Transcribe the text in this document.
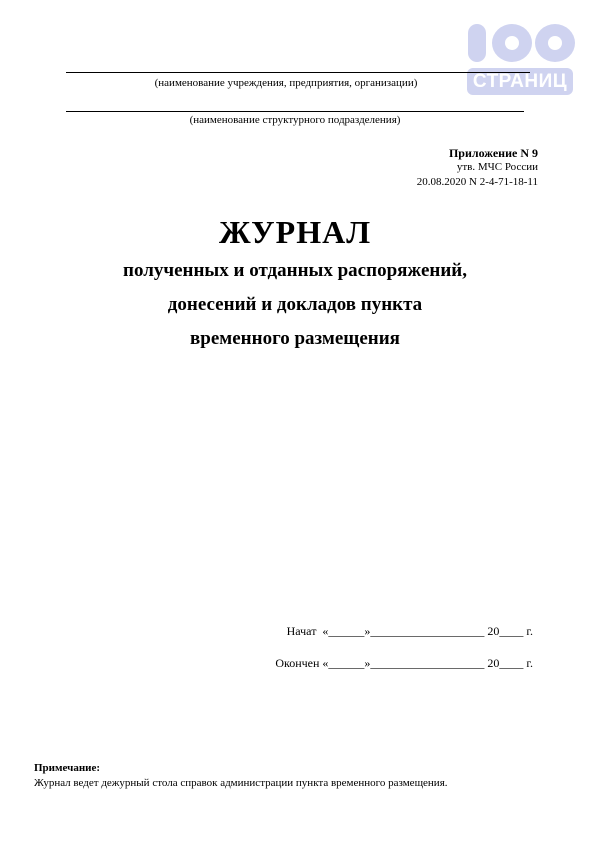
СТРАНИЦ
(наименование учреждения, предприятия, организации)
(наименование структурного подразделения)
Приложение N 9
утв. МЧС России
20.08.2020 N 2-4-71-18-11
ЖУРНАЛ
полученных и отданных распоряжений,
донесений и докладов пункта
временного размещения
Начат  «______»___________________ 20____ г.
Окончен «______»___________________ 20____ г.
Примечание:
Журнал ведет дежурный стола справок администрации пункта временного размещения.
